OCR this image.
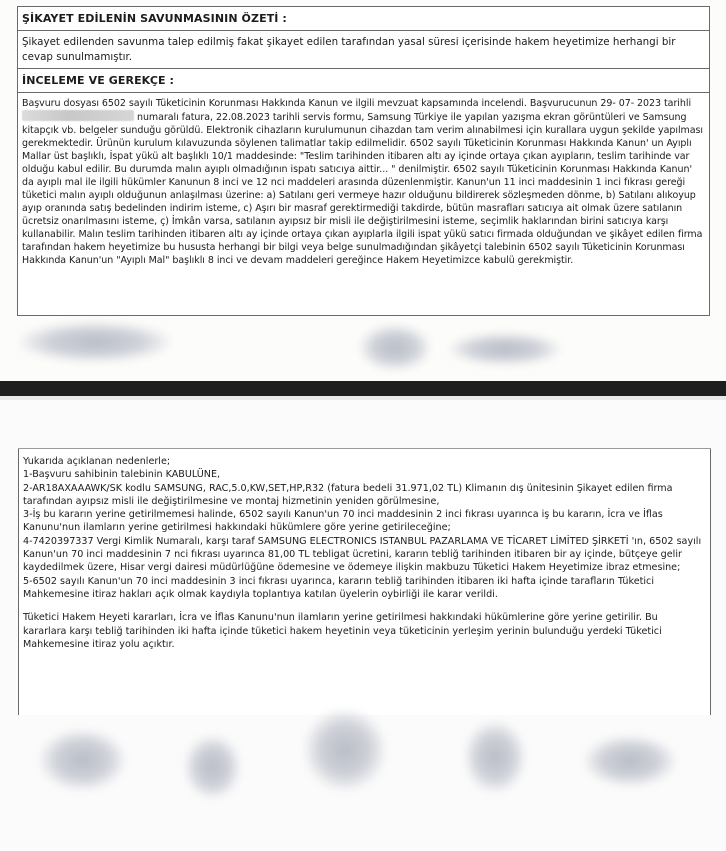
ŞİKAYET EDİLENİN SAVUNMASININ ÖZETİ :
Şikayet edilenden savunma talep edilmiş fakat şikayet edilen tarafından yasal süresi içerisinde hakem heyetimize herhangi bir cevap sunulmamıştır.
İNCELEME VE GEREKÇE :
Başvuru dosyası 6502 sayılı Tüketicinin Korunması Hakkında Kanun ve ilgili mevzuat kapsamında incelendi. Başvurucunun 29- 07- 2023 tarihli  numaralı fatura, 22.08.2023 tarihli servis formu, Samsung Türkiye ile yapılan yazışma ekran görüntüleri ve Samsung kitapçık vb. belgeler sunduğu görüldü. Elektronik cihazların kurulumunun cihazdan tam verim alınabilmesi için kurallara uygun şekilde yapılması gerekmektedir. Ürünün kurulum kılavuzunda söylenen talimatlar takip edilmelidir. 6502 sayılı Tüketicinin Korunması Hakkında Kanun' un Ayıplı Mallar üst başlıklı, İspat yükü alt başlıklı 10/1 maddesinde: "Teslim tarihinden itibaren altı ay içinde ortaya çıkan ayıpların, teslim tarihinde var olduğu kabul edilir. Bu durumda malın ayıplı olmadığının ispatı satıcıya aittir... " denilmiştir. 6502 sayılı Tüketicinin Korunması Hakkında Kanun' da ayıplı mal ile ilgili hükümler Kanunun 8 inci ve 12 nci maddeleri arasında düzenlenmiştir. Kanun'un 11 inci maddesinin 1 inci fıkrası gereği tüketici malın ayıplı olduğunun anlaşılması üzerine: a) Satılanı geri vermeye hazır olduğunu bildirerek sözleşmeden dönme, b) Satılanı alıkoyup ayıp oranında satış bedelinden indirim isteme, c) Aşırı bir masraf gerektirmediği takdirde, bütün masrafları satıcıya ait olmak üzere satılanın ücretsiz onarılmasını isteme, ç) İmkân varsa, satılanın ayıpsız bir misli ile değiştirilmesini isteme, seçimlik haklarından birini satıcıya karşı kullanabilir. Malın teslim tarihinden itibaren altı ay içinde ortaya çıkan ayıplarla ilgili ispat yükü satıcı firmada olduğundan ve şikâyet edilen firma tarafından hakem heyetimize bu hususta herhangi bir bilgi veya belge sunulmadığından şikâyetçi talebinin 6502 sayılı Tüketicinin Korunması Hakkında Kanun'un "Ayıplı Mal" başlıklı 8 inci ve devam maddeleri gereğince Hakem Heyetimizce kabulü gerekmiştir.

Yukarıda açıklanan nedenlerle;

1-Başvuru sahibinin talebinin KABULÜNE,

2-AR18AXAAAWK/SK kodlu SAMSUNG, RAC,5.0,KW,SET,HP,R32 (fatura bedeli 31.971,02 TL) Klimanın dış ünitesinin Şikayet edilen firma tarafından ayıpsız misli ile değiştirilmesine ve montaj hizmetinin yeniden görülmesine,

3-İş bu kararın yerine getirilmemesi halinde, 6502 sayılı Kanun'un 70 inci maddesinin 2 inci fıkrası uyarınca iş bu kararın, İcra ve İflas Kanunu'nun ilamların yerine getirilmesi hakkındaki hükümlere göre yerine getirileceğine;

4-7420397337 Vergi Kimlik Numaralı, karşı taraf SAMSUNG ELECTRONICS ISTANBUL PAZARLAMA VE TİCARET LİMİTED ŞİRKETİ 'ın, 6502 sayılı Kanun'un 70 inci maddesinin 7 nci fıkrası uyarınca 81,00 TL tebligat ücretini, kararın tebliğ tarihinden itibaren bir ay içinde, bütçeye gelir kaydedilmek üzere, Hisar vergi dairesi müdürlüğüne ödemesine ve ödemeye ilişkin makbuzu Tüketici Hakem Heyetimize ibraz etmesine;

5-6502 sayılı Kanun'un 70 inci maddesinin 3 inci fıkrası uyarınca, kararın tebliğ tarihinden itibaren iki hafta içinde tarafların Tüketici Mahkemesine itiraz hakları açık olmak kaydıyla toplantıya katılan üyelerin oybirliği ile karar verildi.

Tüketici Hakem Heyeti kararları, İcra ve İflas Kanunu'nun ilamların yerine getirilmesi hakkındaki hükümlerine göre yerine getirilir. Bu kararlara karşı tebliğ tarihinden iki hafta içinde tüketici hakem heyetinin veya tüketicinin yerleşim yerinin bulunduğu yerdeki Tüketici Mahkemesine itiraz yolu açıktır.
